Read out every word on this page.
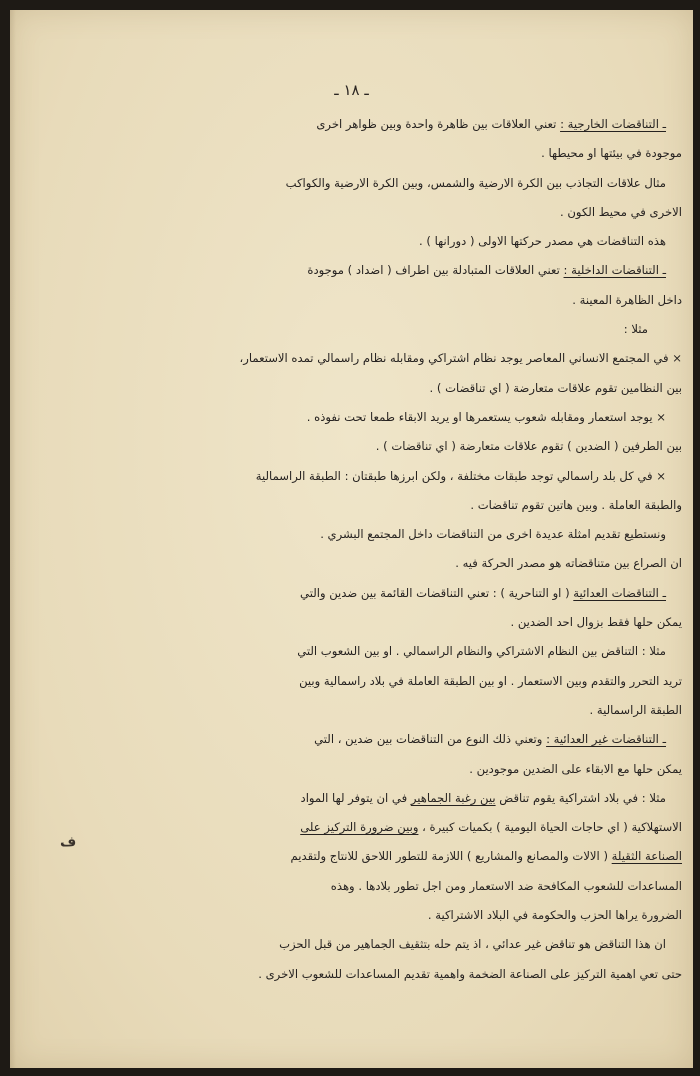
ـ ١٨ ـ
ـ التناقضات الخارجية : تعني العلاقات بين ظاهرة واحدة وبين ظواهر اخرى
موجودة في بيئتها او محيطها .
مثال علاقات التجاذب بين الكرة الارضية والشمس، وبين الكرة الارضية والكواكب
الاخرى في محيط الكون .
هذه التناقضات هي مصدر حركتها الاولى ( دورانها ) .
ـ التناقضات الداخلية : تعني العلاقات المتبادلة بين اطراف ( اضداد ) موجودة
داخل الظاهرة المعينة .
مثلا :
× في المجتمع الانساني المعاصر يوجد نظام اشتراكي ومقابله نظام راسمالي تمده الاستعمار،
بين النظامين تقوم علاقات متعارضة ( اي تناقضات ) .
× يوجد استعمار ومقابله شعوب يستعمرها او يريد الابقاء طمعا تحت نفوذه .
بين الطرفين ( الضدين ) تقوم علاقات متعارضة ( اي تناقضات ) .
× في كل بلد راسمالي توجد طبقات مختلفة ، ولكن ابرزها طبقتان : الطبقة الراسمالية
والطبقة العاملة . وبين هاتين تقوم تناقضات .
ونستطيع تقديم امثلة عديدة اخرى من التناقضات داخل المجتمع البشري .
ان الصراع بين متناقضاته هو مصدر الحركة فيه .
ـ التناقضات العدائية ( او التناحرية ) : تعني التناقضات القائمة بين ضدين والتي
يمكن حلها فقط بزوال احد الضدين .
مثلا : التناقض بين النظام الاشتراكي والنظام الراسمالي . او بين الشعوب التي
تريد التحرر والتقدم وبين الاستعمار . او بين الطبقة العاملة في بلاد راسمالية وبين
الطبقة الراسمالية .
ـ التناقضات غير العدائية : وتعني ذلك النوع من التناقضات بين ضدين ، التي
يمكن حلها مع الابقاء على الضدين موجودين .
مثلا : في بلاد اشتراكية يقوم تناقض بين رغبة الجماهير في ان يتوفر لها المواد
الاستهلاكية ( اي حاجات الحياة اليومية ) بكميات كبيرة ، وبين ضرورة التركيز على
الصناعة الثقيلة ( الالات والمصانع والمشاريع ) اللازمة للتطور اللاحق للانتاج ولتقديم
المساعدات للشعوب المكافحة ضد الاستعمار ومن اجل تطور بلادها . وهذه
الضرورة يراها الحزب والحكومة في البلاد الاشتراكية .
ان هذا التناقض هو تناقض غير عدائي ، اذ يتم حله بتثقيف الجماهير من قبل الحزب
حتى تعي اهمية التركيز على الصناعة الضخمة واهمية تقديم المساعدات للشعوب الاخرى .
ف
